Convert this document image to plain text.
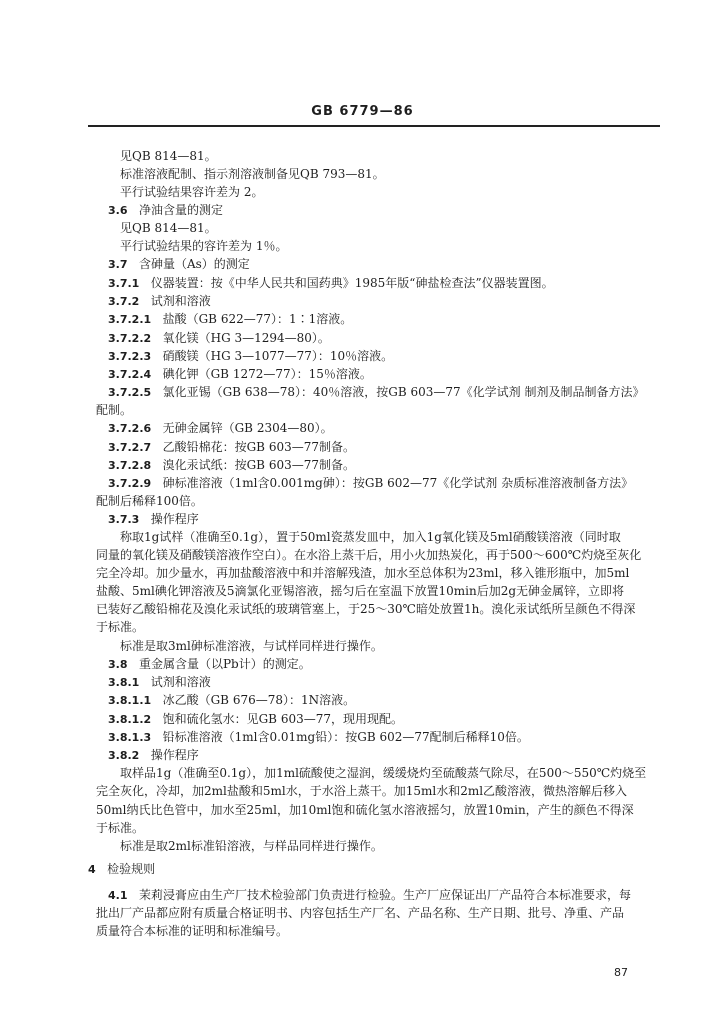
GB 6779—86
见QB 814—81。
标准溶液配制、指示剂溶液制备见QB 793—81。
平行试验结果容许差为 2。
3.6   净油含量的测定
见QB 814—81。
平行试验结果的容许差为 1％。
3.7   含砷量（As）的测定
3.7.1   仪器装置：按《中华人民共和国药典》1985年版“砷盐检查法”仪器装置图。
3.7.2   试剂和溶液
3.7.2.1   盐酸（GB 622—77）：1∶1溶液。
3.7.2.2   氧化镁（HG 3—1294—80）。
3.7.2.3   硝酸镁（HG 3—1077—77）：10％溶液。
3.7.2.4   碘化钾（GB 1272—77）：15％溶液。
3.7.2.5   氯化亚锡（GB 638—78）：40％溶液，按GB 603—77《化学试剂 制剂及制品制备方法》
配制。
3.7.2.6   无砷金属锌（GB 2304—80）。
3.7.2.7   乙酸铅棉花：按GB 603—77制备。
3.7.2.8   溴化汞试纸：按GB 603—77制备。
3.7.2.9   砷标准溶液（1ml含0.001mg砷）：按GB 602—77《化学试剂 杂质标准溶液制备方法》
配制后稀释100倍。
3.7.3   操作程序
称取1g试样（准确至0.1g），置于50ml瓷蒸发皿中，加入1g氧化镁及5ml硝酸镁溶液（同时取
同量的氧化镁及硝酸镁溶液作空白）。在水浴上蒸干后，用小火加热炭化，再于500～600℃灼烧至灰化
完全冷却。加少量水，再加盐酸溶液中和并溶解残渣，加水至总体积为23ml，移入锥形瓶中，加5ml
盐酸、5ml碘化钾溶液及5滴氯化亚锡溶液，摇匀后在室温下放置10min后加2g无砷金属锌，立即将
已装好乙酸铅棉花及溴化汞试纸的玻璃管塞上，于25～30℃暗处放置1h。溴化汞试纸所呈颜色不得深
于标准。
标准是取3ml砷标准溶液，与试样同样进行操作。
3.8   重金属含量（以Pb计）的测定。
3.8.1   试剂和溶液
3.8.1.1   冰乙酸（GB 676—78）：1N溶液。
3.8.1.2   饱和硫化氢水：见GB 603—77，现用现配。
3.8.1.3   铅标准溶液（1ml含0.01mg铅）：按GB 602—77配制后稀释10倍。
3.8.2   操作程序
取样品1g（准确至0.1g），加1ml硫酸使之湿润，缓缓烧灼至硫酸蒸气除尽，在500～550℃灼烧至
完全灰化，冷却，加2ml盐酸和5ml水，于水浴上蒸干。加15ml水和2ml乙酸溶液，微热溶解后移入
50ml纳氏比色管中，加水至25ml，加10ml饱和硫化氢水溶液摇匀，放置10min，产生的颜色不得深
于标准。
标准是取2ml标准铅溶液，与样品同样进行操作。
4   检验规则
4.1   茉莉浸膏应由生产厂技术检验部门负责进行检验。生产厂应保证出厂产品符合本标准要求，每
批出厂产品都应附有质量合格证明书、内容包括生产厂名、产品名称、生产日期、批号、净重、产品
质量符合本标准的证明和标准编号。
87
